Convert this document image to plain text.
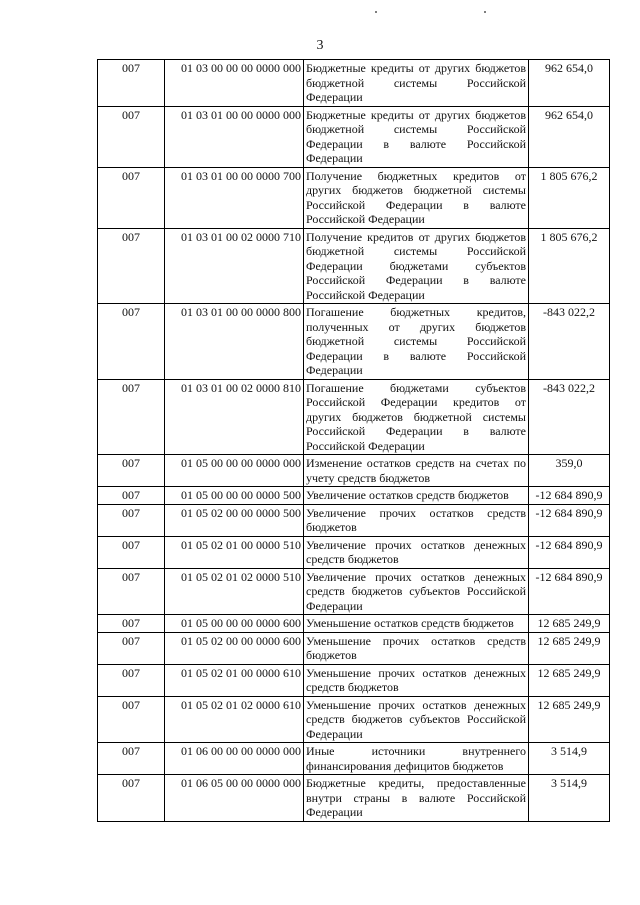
3
007	01 03 00 00 00 0000 000	Бюджетные кредиты от других бюджетов бюджетной системы Российской Федерации	962 654,0
007	01 03 01 00 00 0000 000	Бюджетные кредиты от других бюджетов бюджетной системы Российской Федерации в валюте Российской Федерации	962 654,0
007	01 03 01 00 00 0000 700	Получение бюджетных кредитов от других бюджетов бюджетной системы Российской Федерации в валюте Российской Федерации	1 805 676,2
007	01 03 01 00 02 0000 710	Получение кредитов от других бюджетов бюджетной системы Российской Федерации бюджетами субъектов Российской Федерации в валюте Российской Федерации	1 805 676,2
007	01 03 01 00 00 0000 800	Погашение бюджетных кредитов, полученных от других бюджетов бюджетной системы Российской Федерации в валюте Российской Федерации	-843 022,2
007	01 03 01 00 02 0000 810	Погашение бюджетами субъектов Российской Федерации кредитов от других бюджетов бюджетной системы Российской Федерации в валюте Российской Федерации	-843 022,2
007	01 05 00 00 00 0000 000	Изменение остатков средств на счетах по учету средств бюджетов	359,0
007	01 05 00 00 00 0000 500	Увеличение остатков средств бюджетов	-12 684 890,9
007	01 05 02 00 00 0000 500	Увеличение прочих остатков средств бюджетов	-12 684 890,9
007	01 05 02 01 00 0000 510	Увеличение прочих остатков денежных средств бюджетов	-12 684 890,9
007	01 05 02 01 02 0000 510	Увеличение прочих остатков денежных средств бюджетов субъектов Российской Федерации	-12 684 890,9
007	01 05 00 00 00 0000 600	Уменьшение остатков средств бюджетов	12 685 249,9
007	01 05 02 00 00 0000 600	Уменьшение прочих остатков средств бюджетов	12 685 249,9
007	01 05 02 01 00 0000 610	Уменьшение прочих остатков денежных средств бюджетов	12 685 249,9
007	01 05 02 01 02 0000 610	Уменьшение прочих остатков денежных средств бюджетов субъектов Российской Федерации	12 685 249,9
007	01 06 00 00 00 0000 000	Иные источники внутреннего финансирования дефицитов бюджетов	3 514,9
007	01 06 05 00 00 0000 000	Бюджетные кредиты, предоставленные внутри страны в валюте Российской Федерации	3 514,9
